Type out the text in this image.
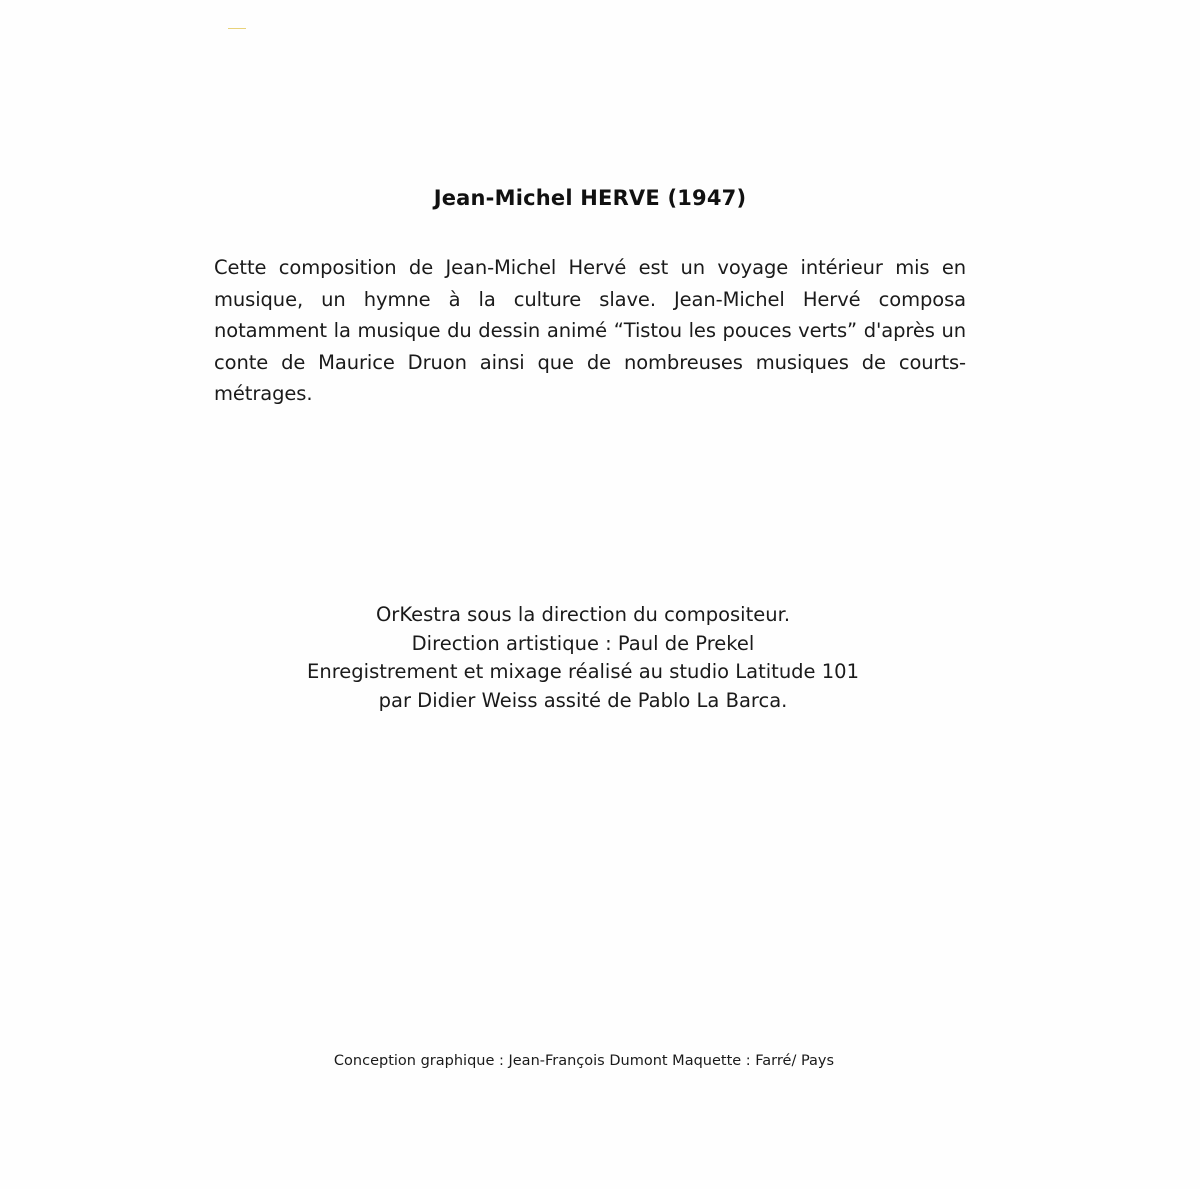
Jean-Michel HERVE (1947)

Cette composition de Jean-Michel Hervé est un voyage intérieur mis en musique, un hymne à la culture slave. Jean-Michel Hervé composa notamment la musique du dessin animé “Tistou les pouces verts” d'après un conte de Maurice Druon ainsi que de nombreuses musiques de courts-métrages.

OrKestra sous la direction du compositeur.
Direction artistique : Paul de Prekel
Enregistrement et mixage réalisé au studio Latitude 101
par Didier Weiss assité de Pablo La Barca.
Conception graphique : Jean-François Dumont Maquette : Farré/ Pays
